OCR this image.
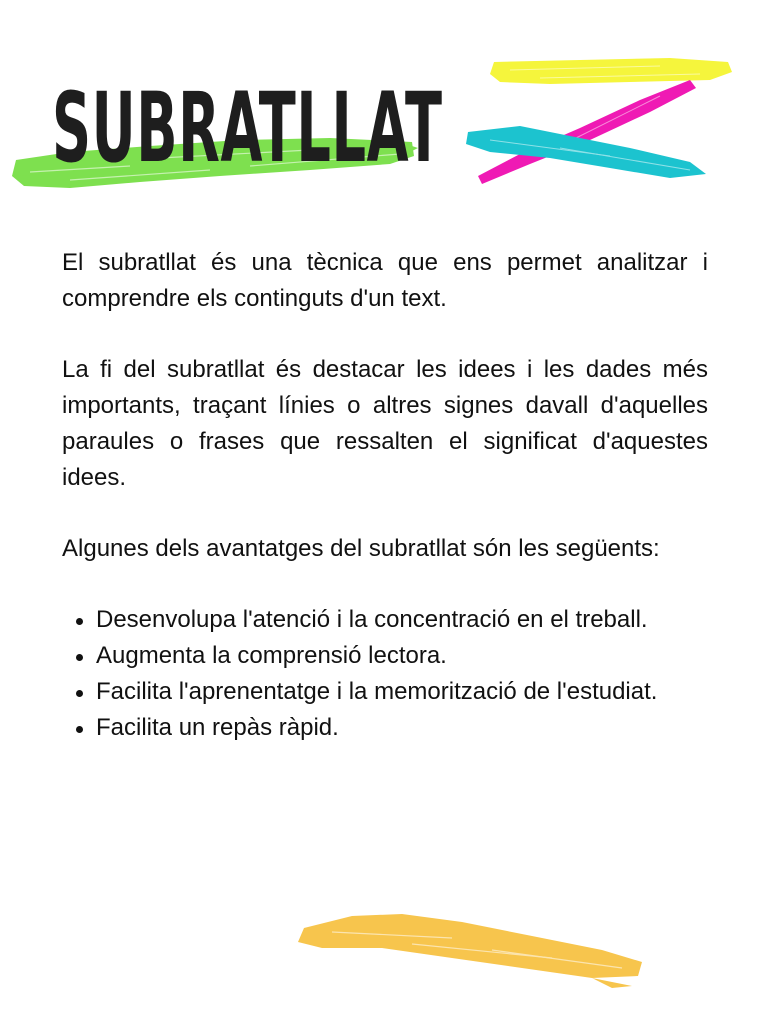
SUBRATLLAT

El subratllat és una tècnica que ens permet analitzar i comprendre els continguts d'un text.

La fi del subratllat és destacar les idees i les dades més importants, traçant línies o altres signes davall d'aquelles paraules o frases que ressalten el significat d'aquestes idees.

Algunes dels avantatges del subratllat són les següents:

Desenvolupa l'atenció i la concentració en el treball.
Augmenta la comprensió lectora.
Facilita l'aprenentatge i la memorització de l'estudiat.
Facilita un repàs ràpid.
